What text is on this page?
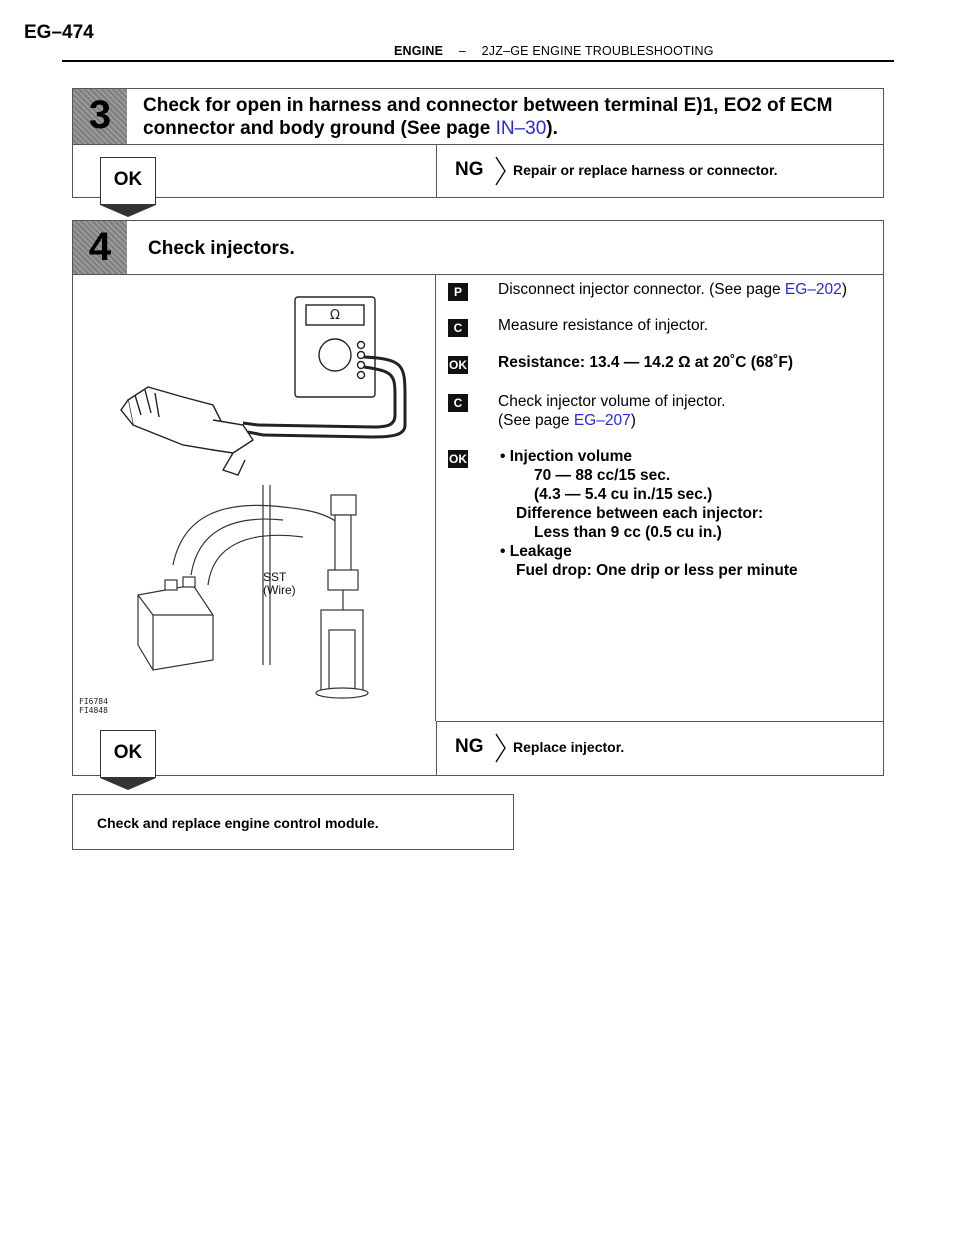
EG–474
ENGINE – 2JZ–GE ENGINE TROUBLESHOOTING
3	Check for open in harness and connector between terminal E)1, EO2 of ECM
connector and body ground (See page IN–30).
NG Repair or replace harness or connector.
OK
4	Check injectors.
Ω
SST
(Wire)
FI6784
FI4848
P	Disconnect injector connector. (See page EG–202)
C	Measure resistance of injector.
OK Resistance: 13.4 — 14.2 Ω at 20˚C (68˚F)
C	Check injector volume of injector.
(See page EG–207)
OK • Injection volume
70 — 88 cc/15 sec.
(4.3 — 5.4 cu in./15 sec.)
Difference between each injector:
Less than 9 cc (0.5 cu in.)
• Leakage
Fuel drop: One drip or less per minute
NG Replace injector.
OK
Check and replace engine control module.
